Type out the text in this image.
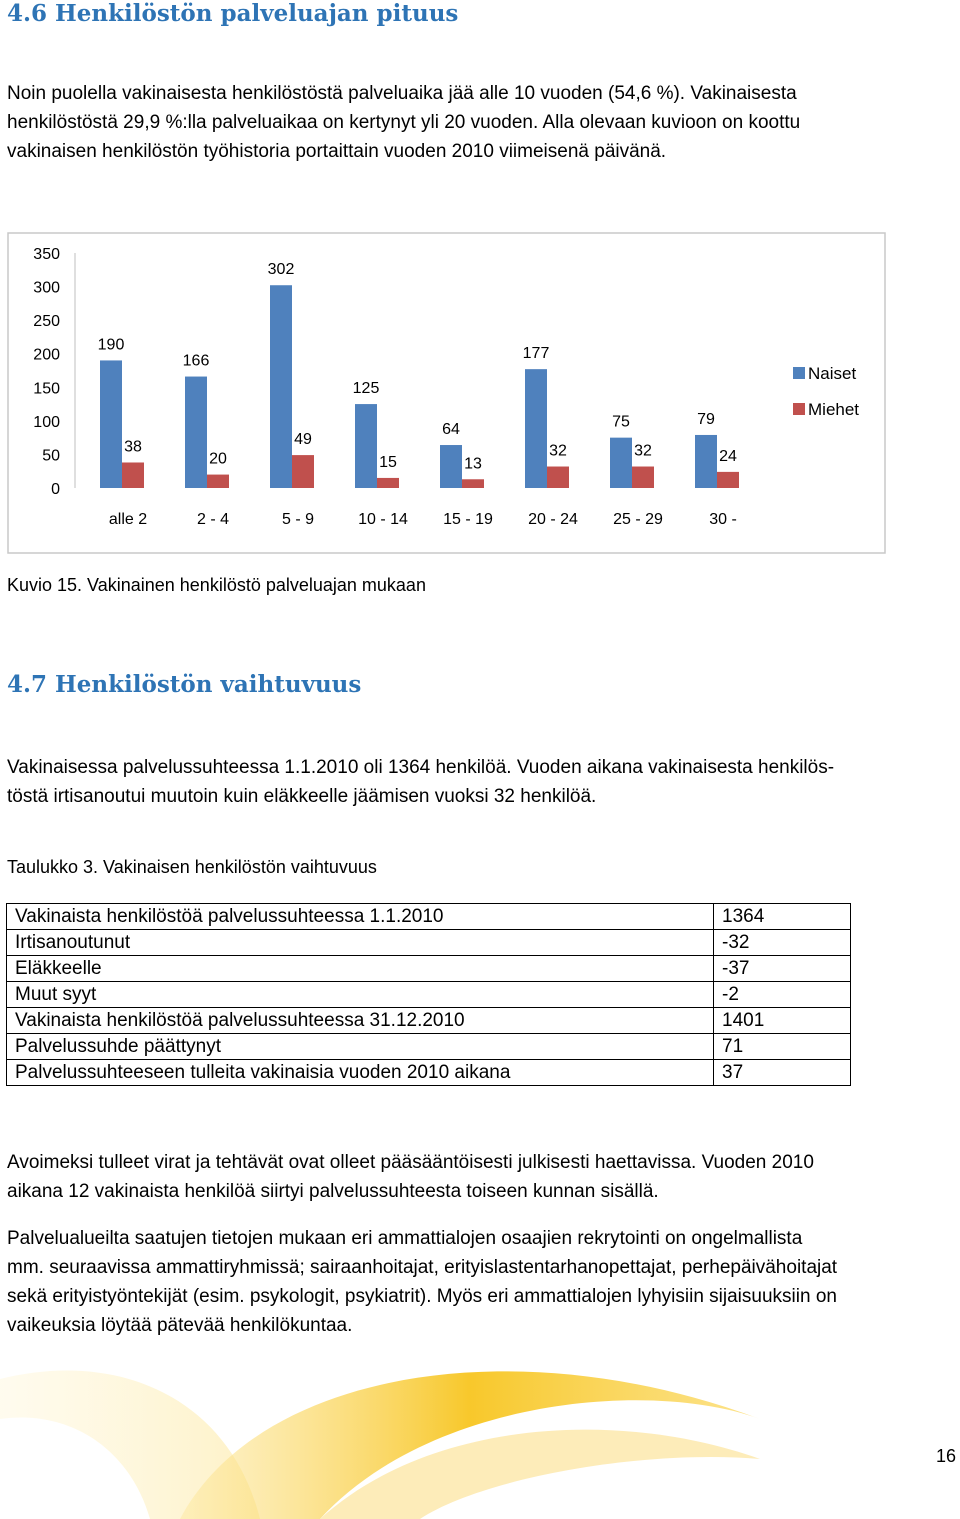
4.6 Henkilöstön palveluajan pituus
Noin puolella vakinaisesta henkilöstöstä palveluaika jää alle 10 vuoden (54,6 %). Vakinaisesta
henkilöstöstä 29,9 %:lla palveluaikaa on kertynyt yli 20 vuoden. Alla olevaan kuvioon on koottu
vakinaisen henkilöstön työhistoria portaittain vuoden 2010 viimeisenä päivänä.
0
50
100
150
200
250
300
350
190
38
166
20
302
49
125
15
64
13
177
32
75
32
79
24
alle 2	2 - 4	5 - 9	10 - 14 15 - 19 20 - 24 25 - 29	30 -
Naiset
Miehet
Kuvio 15. Vakinainen henkilöstö palveluajan mukaan
4.7 Henkilöstön vaihtuvuus
Vakinaisessa palvelussuhteessa 1.1.2010 oli 1364 henkilöä. Vuoden aikana vakinaisesta henkilös-
töstä irtisanoutui muutoin kuin eläkkeelle jäämisen vuoksi 32 henkilöä.
Taulukko 3. Vakinaisen henkilöstön vaihtuvuus
Vakinaista henkilöstöä palvelussuhteessa 1.1.2010	1364
Irtisanoutunut	-32
Eläkkeelle	-37
Muut syyt	-2
Vakinaista henkilöstöä palvelussuhteessa 31.12.2010	1401
Palvelussuhde päättynyt	71
Palvelussuhteeseen tulleita vakinaisia vuoden 2010 aikana	37
Avoimeksi tulleet virat ja tehtävät ovat olleet pääsääntöisesti julkisesti haettavissa. Vuoden 2010
aikana 12 vakinaista henkilöä siirtyi palvelussuhteesta toiseen kunnan sisällä.
Palvelualueilta saatujen tietojen mukaan eri ammattialojen osaajien rekrytointi on ongelmallista
mm. seuraavissa ammattiryhmissä; sairaanhoitajat, erityislastentarhanopettajat, perhepäivähoitajat
sekä erityistyöntekijät (esim. psykologit, psykiatrit). Myös eri ammattialojen lyhyisiin sijaisuuksiin on
vaikeuksia löytää pätevää henkilökuntaa.
16
